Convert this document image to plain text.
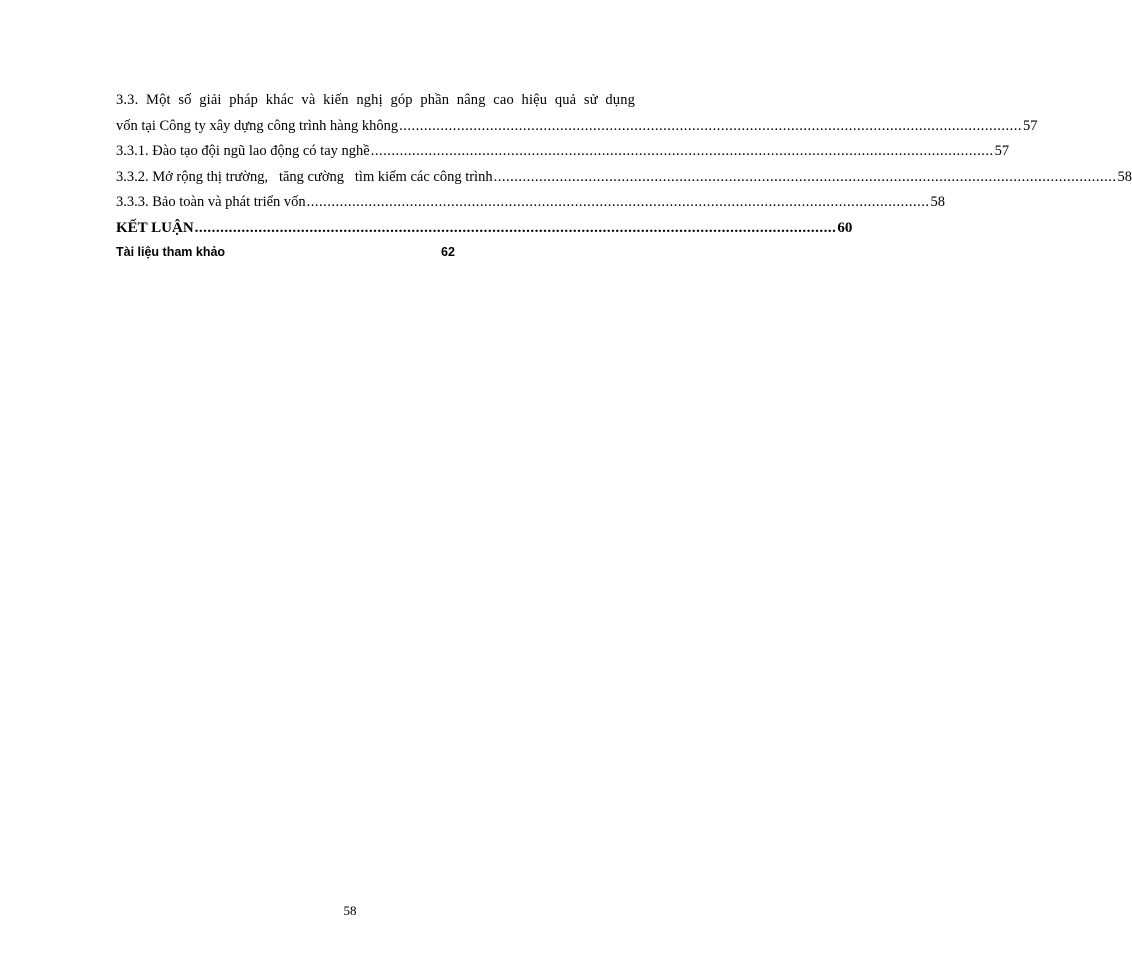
3.3. Một số giải pháp khác và kiến nghị góp phần nâng cao hiệu quả sử dụng
vốn tại Công ty xây dựng công trình hàng không ....................................................................................................................................................... 57
3.3.1. Đào tạo đội ngũ lao động có tay nghề ....................................................................................................................................................... 57
3.3.2. Mở rộng thị trường,   tăng cường   tìm kiếm các công trình ....................................................................................................................................................... 58
3.3.3. Bảo toàn và phát triển vốn ....................................................................................................................................................... 58
KẾT LUẬN ....................................................................................................................................................... 60
Tài liệu tham khảo	62
58
